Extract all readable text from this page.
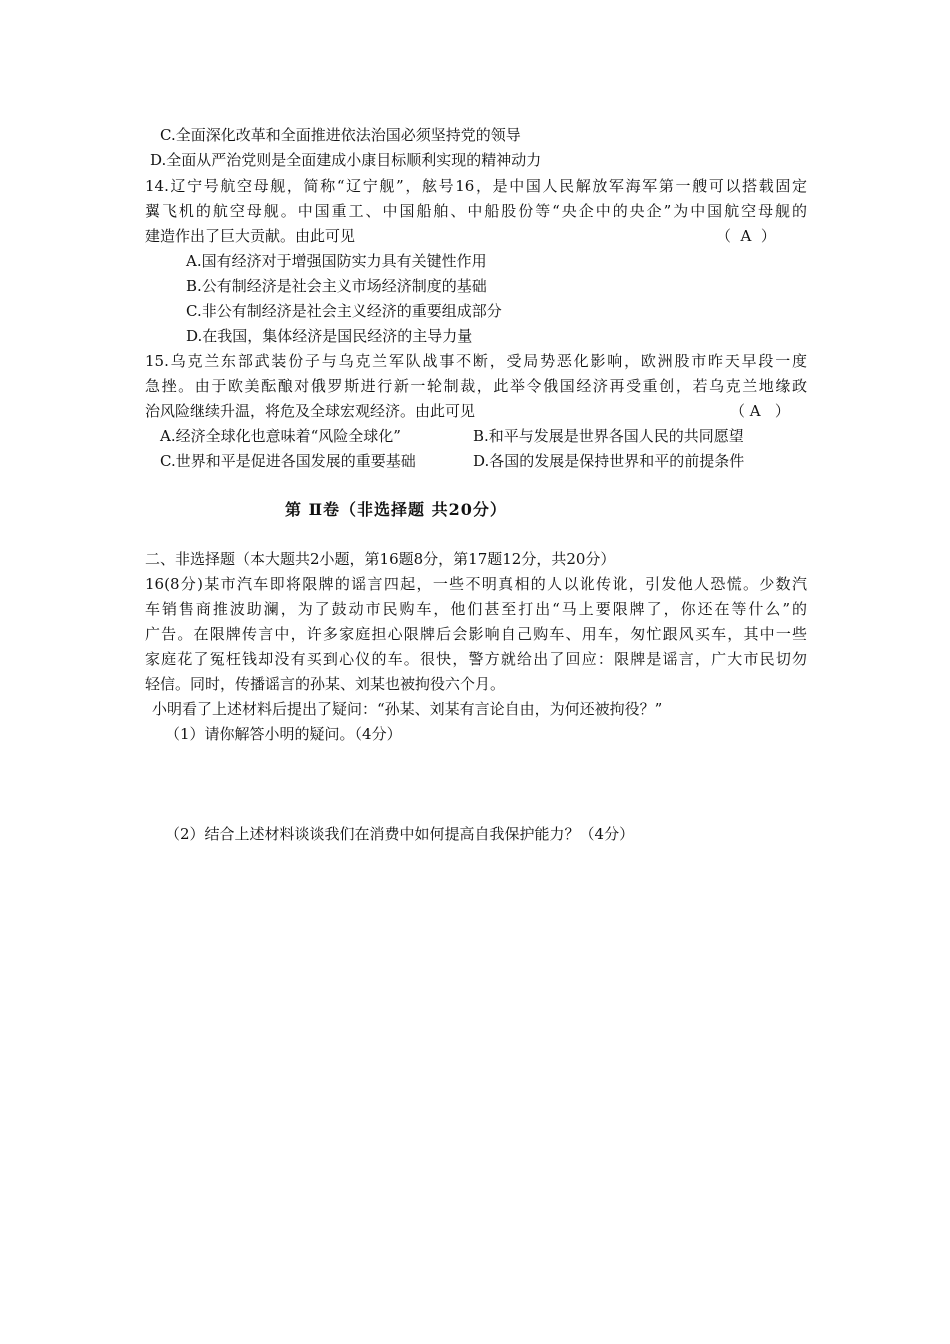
C.全面深化改革和全面推进依法治国必须坚持党的领导
D.全面从严治党则是全面建成小康目标顺利实现的精神动力
14.辽宁号航空母舰，简称“辽宁舰”，舷号16，是中国人民解放军海军第一艘可以搭载固定
翼飞机的航空母舰。中国重工、中国船舶、中船股份等“央企中的央企”为中国航空母舰的
建造作出了巨大贡献。由此可见	（  A  ）
A.国有经济对于增强国防实力具有关键性作用
B.公有制经济是社会主义市场经济制度的基础
C.非公有制经济是社会主义经济的重要组成部分
D.在我国，集体经济是国民经济的主导力量
15.乌克兰东部武装份子与乌克兰军队战事不断，受局势恶化影响，欧洲股市昨天早段一度
急挫。由于欧美酝酿对俄罗斯进行新一轮制裁，此举令俄国经济再受重创，若乌克兰地缘政
治风险继续升温，将危及全球宏观经济。由此可见	（ A   ）
A.经济全球化也意味着“风险全球化”	B.和平与发展是世界各国人民的共同愿望
C.世界和平是促进各国发展的重要基础	D.各国的发展是保持世界和平的前提条件
第 Ⅱ卷（非选择题 共20分）
二、非选择题（本大题共2小题，第16题8分，第17题12分，共20分）
16(8分)某市汽车即将限牌的谣言四起，一些不明真相的人以讹传讹，引发他人恐慌。少数汽
车销售商推波助澜，为了鼓动市民购车，他们甚至打出“马上要限牌了，你还在等什么”的
广告。在限牌传言中，许多家庭担心限牌后会影响自己购车、用车，匆忙跟风买车，其中一些
家庭花了冤枉钱却没有买到心仪的车。很快，警方就给出了回应：限牌是谣言，广大市民切勿
轻信。同时，传播谣言的孙某、刘某也被拘役六个月。
小明看了上述材料后提出了疑问：“孙某、刘某有言论自由，为何还被拘役？”
（1）请你解答小明的疑问。（4分）
（2）结合上述材料谈谈我们在消费中如何提高自我保护能力？（4分）
